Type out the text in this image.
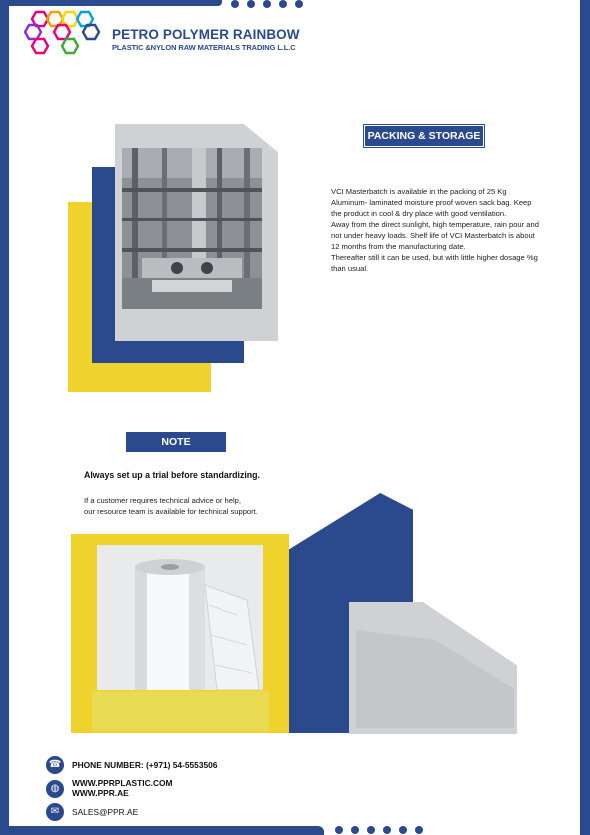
PETRO POLYMER RAINBOW
PLASTIC &NYLON RAW MATERIALS TRADING L.L.C
PACKING & STORAGE

VCI Masterbatch is available in the packing of 25 Kg Aluminum- laminated moisture proof woven sack bag. Keep the product in cool & dry place with good ventilation.

Away from the direct sunlight, high temperature, rain pour and not under heavy loads. Shelf life of VCI Masterbatch is about 12 months from the manufacturing date.

Thereafter still it can be used, but with little higher dosage %g than usual.

NOTE
Always set up a trial before standardizing.

If a customer requires technical advice or help,

our resource team is available for technical support.

☎	PHONE NUMBER: (+971) 54-5553506
◍	WWW.PPRPLASTIC.COM
WWW.PPR.AE
✉	SALES@PPR.AE
